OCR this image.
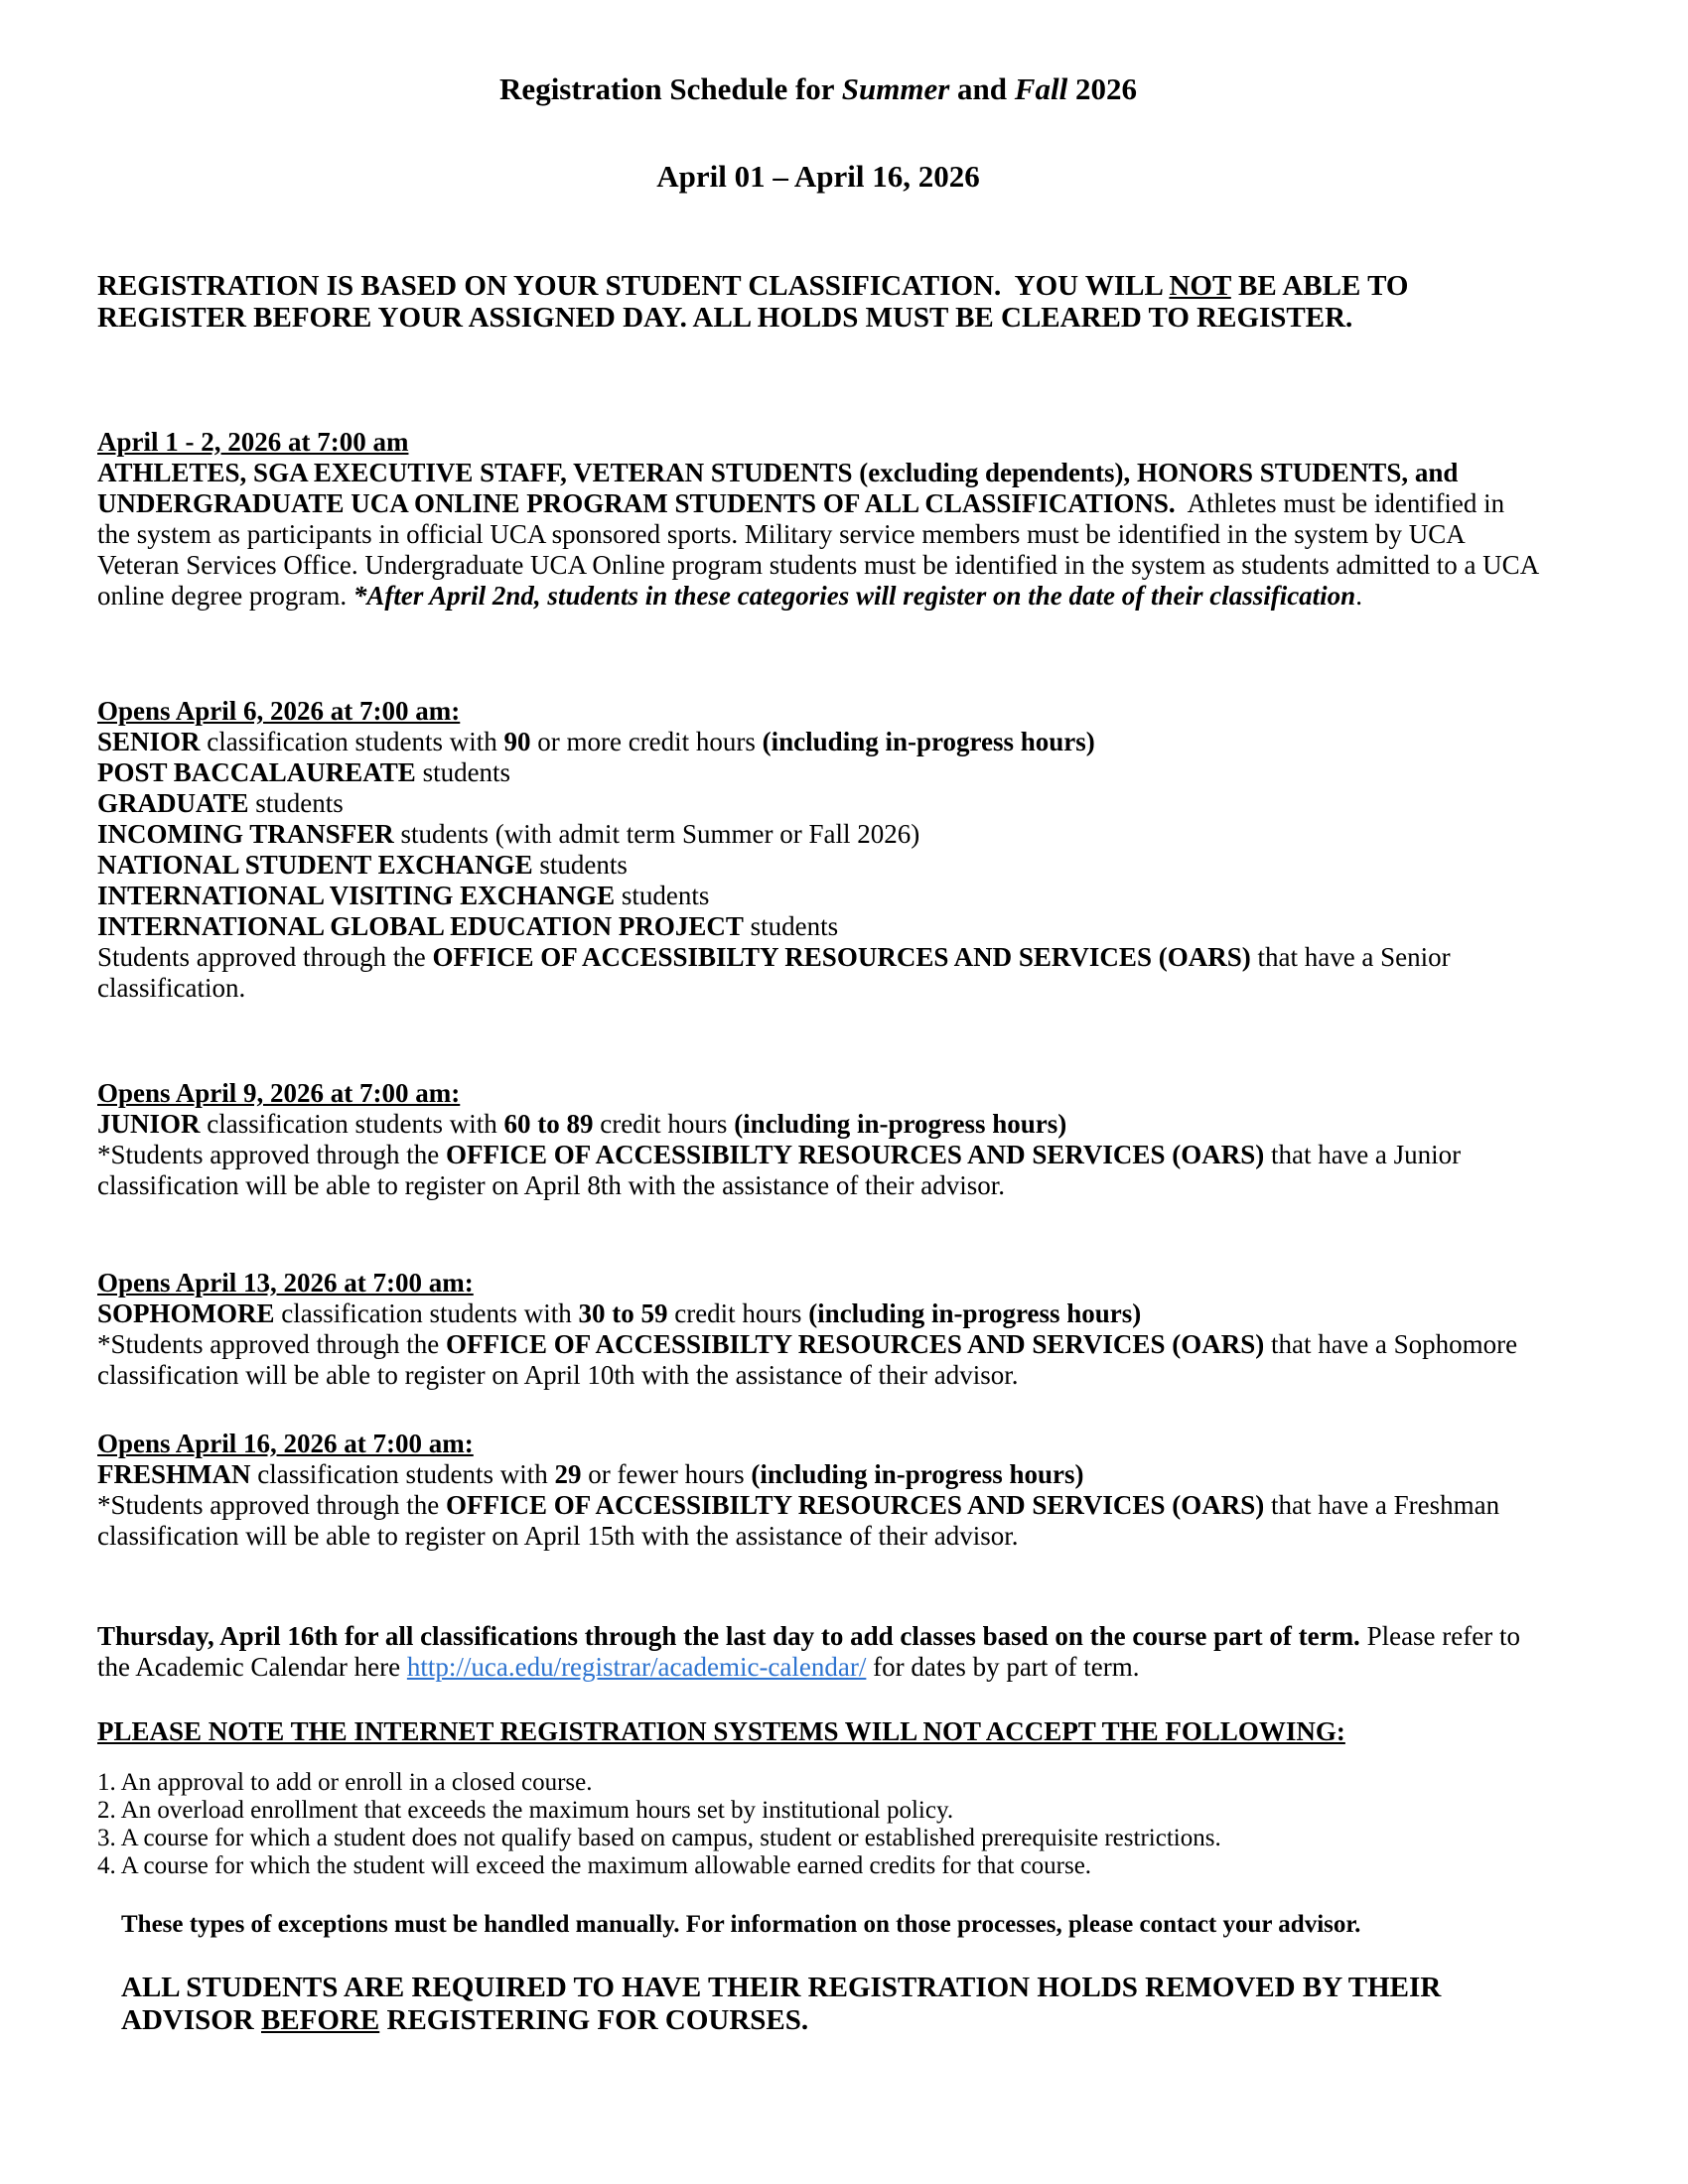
Registration Schedule for Summer and Fall 2026

April 01 – April 16, 2026

REGISTRATION IS BASED ON YOUR STUDENT CLASSIFICATION.  YOU WILL NOT BE ABLE TO REGISTER BEFORE YOUR ASSIGNED DAY. ALL HOLDS MUST BE CLEARED TO REGISTER.

April 1 - 2, 2026 at 7:00 am

ATHLETES, SGA EXECUTIVE STAFF, VETERAN STUDENTS (excluding dependents), HONORS STUDENTS, and UNDERGRADUATE UCA ONLINE PROGRAM STUDENTS OF ALL CLASSIFICATIONS.  Athletes must be identified in the system as participants in official UCA sponsored sports. Military service members must be identified in the system by UCA Veteran Services Office. Undergraduate UCA Online program students must be identified in the system as students admitted to a UCA online degree program. *After April 2nd, students in these categories will register on the date of their classification.

Opens April 6, 2026 at 7:00 am:

SENIOR classification students with 90 or more credit hours (including in-progress hours)

POST BACCALAUREATE students

GRADUATE students

INCOMING TRANSFER students (with admit term Summer or Fall 2026)

NATIONAL STUDENT EXCHANGE students

INTERNATIONAL VISITING EXCHANGE students

INTERNATIONAL GLOBAL EDUCATION PROJECT students

Students approved through the OFFICE OF ACCESSIBILTY RESOURCES AND SERVICES (OARS) that have a Senior classification.

Opens April 9, 2026 at 7:00 am:

JUNIOR classification students with 60 to 89 credit hours (including in-progress hours)

*Students approved through the OFFICE OF ACCESSIBILTY RESOURCES AND SERVICES (OARS) that have a Junior classification will be able to register on April 8th with the assistance of their advisor.

Opens April 13, 2026 at 7:00 am:

SOPHOMORE classification students with 30 to 59 credit hours (including in-progress hours)

*Students approved through the OFFICE OF ACCESSIBILTY RESOURCES AND SERVICES (OARS) that have a Sophomore classification will be able to register on April 10th with the assistance of their advisor.

Opens April 16, 2026 at 7:00 am:

FRESHMAN classification students with 29 or fewer hours (including in-progress hours)

*Students approved through the OFFICE OF ACCESSIBILTY RESOURCES AND SERVICES (OARS) that have a Freshman classification will be able to register on April 15th with the assistance of their advisor.

Thursday, April 16th for all classifications through the last day to add classes based on the course part of term. Please refer to the Academic Calendar here http://uca.edu/registrar/academic-calendar/ for dates by part of term.

PLEASE NOTE THE INTERNET REGISTRATION SYSTEMS WILL NOT ACCEPT THE FOLLOWING:

1. An approval to add or enroll in a closed course.

2. An overload enrollment that exceeds the maximum hours set by institutional policy.

3. A course for which a student does not qualify based on campus, student or established prerequisite restrictions.

4. A course for which the student will exceed the maximum allowable earned credits for that course.

These types of exceptions must be handled manually. For information on those processes, please contact your advisor.

ALL STUDENTS ARE REQUIRED TO HAVE THEIR REGISTRATION HOLDS REMOVED BY THEIR ADVISOR BEFORE REGISTERING FOR COURSES.
